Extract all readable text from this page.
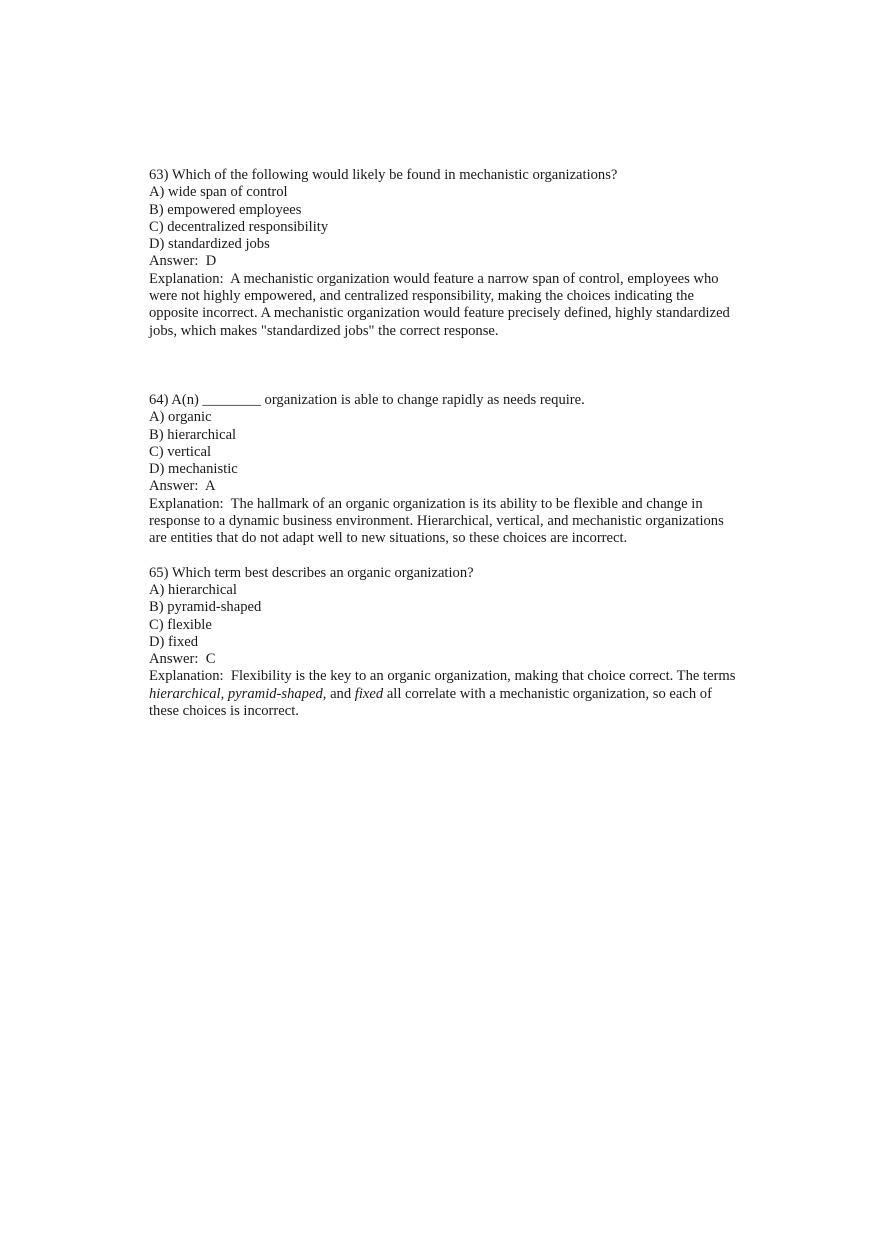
63) Which of the following would likely be found in mechanistic organizations?
A) wide span of control
B) empowered employees
C) decentralized responsibility
D) standardized jobs
Answer: D
Explanation: A mechanistic organization would feature a narrow span of control, employees who were not highly empowered, and centralized responsibility, making the choices indicating the opposite incorrect. A mechanistic organization would feature precisely defined, highly standardized jobs, which makes "standardized jobs" the correct response.
64) A(n) ________ organization is able to change rapidly as needs require.
A) organic
B) hierarchical
C) vertical
D) mechanistic
Answer: A
Explanation: The hallmark of an organic organization is its ability to be flexible and change in response to a dynamic business environment. Hierarchical, vertical, and mechanistic organizations are entities that do not adapt well to new situations, so these choices are incorrect.
65) Which term best describes an organic organization?
A) hierarchical
B) pyramid-shaped
C) flexible
D) fixed
Answer: C
Explanation: Flexibility is the key to an organic organization, making that choice correct. The terms hierarchical, pyramid-shaped, and fixed all correlate with a mechanistic organization, so each of these choices is incorrect.
